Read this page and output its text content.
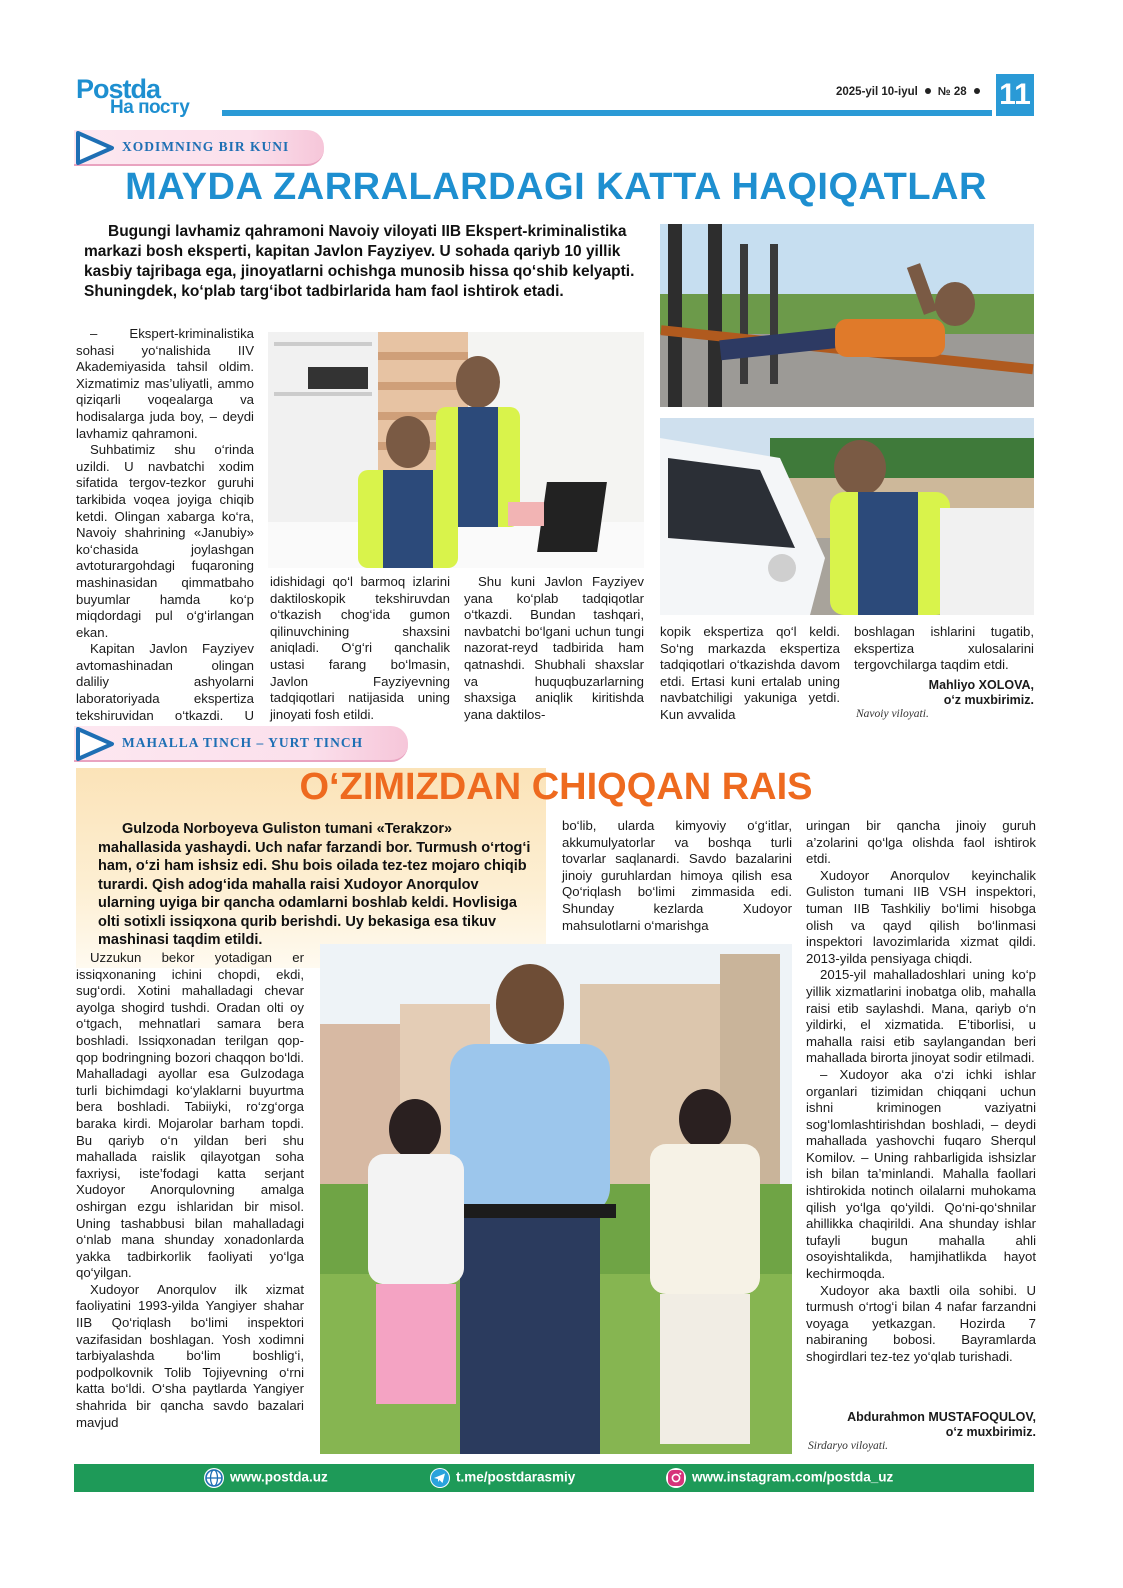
Postda
На посту
2025-yil 10-iyul № 28	11
XODIMNING BIR KUNI
MAYDA ZARRALARDAGI KATTA HAQIQATLAR

Bugungi lavhamiz qahramoni Navoiy viloyati IIB Ekspert-kriminalistika markazi bosh eksperti, kapitan Javlon Fayziyev. U sohada qariyb 10 yillik kasbiy tajribaga ega, jinoyatlarni ochishga munosib hissa qo‘shib kelyapti. Shuningdek, ko‘plab targ‘ibot tadbirlarida ham faol ishtirok etadi.

– Ekspert-kriminalistika sohasi yo‘nalishida IIV Akademiyasida tahsil oldim. Xizmatimiz mas’uliyatli, ammo qiziqarli voqealarga va hodisalarga juda boy, – deydi lavhamiz qahramoni.

Suhbatimiz shu o‘rinda uzildi. U navbatchi xodim sifatida tergov-tezkor guruhi tarkibida voqea joyiga chiqib ketdi. Olingan xabarga ko‘ra, Navoiy shahrining «Janubiy» ko‘chasida joylashgan avtoturargohdagi fuqaroning mashinasidan qimmatbaho buyumlar hamda ko‘p miqdordagi pul o‘g‘irlangan ekan.

Kapitan Javlon Fayziyev avtomashinadan olingan daliliy ashyolarni laboratoriyada ekspertiza tekshiruvidan o‘tkazdi. U

idishidagi qo‘l barmoq izlarini daktiloskopik tekshiruvdan o‘tkazish chog‘ida gumon qilinuvchining shaxsini aniqladi. O‘g‘ri qanchalik ustasi farang bo‘lmasin, Javlon Fayziyevning tadqiqotlari natijasida uning jinoyati fosh etildi.

Shu kuni Javlon Fayziyev yana ko‘plab tadqiqotlar o‘tkazdi. Bundan tashqari, navbatchi bo‘lgani uchun tungi nazorat-reyd tadbirida ham qatnashdi. Shubhali shaxslar va huquqbuzarlarning shaxsiga aniqlik kiritishda yana daktilos-

kopik ekspertiza qo‘l keldi. So‘ng markazda ekspertiza tadqiqotlari o‘tkazishda davom etdi. Ertasi kuni ertalab uning navbatchiligi yakuniga yetdi. Kun avvalida

boshlagan ishlarini tugatib, ekspertiza xulosalarini tergovchilarga taqdim etdi.

Mahliyo XOLOVA,
o‘z muxbirimiz.
Navoiy viloyati.
MAHALLA TINCH – YURT TINCH
O‘ZIMIZDAN CHIQQAN RAIS

Gulzoda Norboyeva Guliston tumani «Terakzor» mahallasida yashaydi. Uch nafar farzandi bor. Turmush o‘rtog‘i ham, o‘zi ham ishsiz edi. Shu bois oilada tez-tez mojaro chiqib turardi. Qish adog‘ida mahalla raisi Xudoyor Anorqulov ularning uyiga bir qancha odamlarni boshlab keldi. Hovlisiga olti sotixli issiqxona qurib berishdi. Uy bekasiga esa tikuv mashinasi taqdim etildi.

Uzzukun bekor yotadigan er issiqxonaning ichini chopdi, ekdi, sug‘ordi. Xotini mahalladagi chevar ayolga shogird tushdi. Oradan olti oy o‘tgach, mehnatlari samara bera boshladi. Issiqxonadan terilgan qop-qop bodringning bozori chaqqon bo‘ldi. Mahalladagi ayollar esa Gulzodaga turli bichimdagi ko‘ylaklarni buyurtma bera boshladi. Tabiiyki, ro‘zg‘orga baraka kirdi. Mojarolar barham topdi. Bu qariyb o‘n yildan beri shu mahallada raislik qilayotgan soha faxriysi, iste’fodagi katta serjant Xudoyor Anorqulovning amalga oshirgan ezgu ishlaridan bir misol. Uning tashabbusi bilan mahalladagi o‘nlab mana shunday xonadonlarda yakka tadbirkorlik faoliyati yo‘lga qo‘yilgan.

Xudoyor Anorqulov ilk xizmat faoliyatini 1993-yilda Yangiyer shahar IIB Qo‘riqlash bo‘limi inspektori vazifasidan boshlagan. Yosh xodimni tarbiyalashda bo‘lim boshlig‘i, podpolkovnik Tolib Tojiyevning o‘rni katta bo‘ldi. O‘sha paytlarda Yangiyer shahrida bir qancha savdo bazalari mavjud

bo‘lib, ularda kimyoviy o‘g‘itlar, akkumulyatorlar va boshqa turli tovarlar saqlanardi. Savdo bazalarini jinoiy guruhlardan himoya qilish esa Qo‘riqlash bo‘limi zimmasida edi. Shunday kezlarda Xudoyor mahsulotlarni o‘marishga

uringan bir qancha jinoiy guruh a’zolarini qo‘lga olishda faol ishtirok etdi.

Xudoyor Anorqulov keyinchalik Guliston tumani IIB VSH inspektori, tuman IIB Tashkiliy bo‘limi hisobga olish va qayd qilish bo‘linmasi inspektori lavozimlarida xizmat qildi. 2013-yilda pensiyaga chiqdi.

2015-yil mahalladoshlari uning ko‘p yillik xizmatlarini inobatga olib, mahalla raisi etib saylashdi. Mana, qariyb o‘n yildirki, el xizmatida. E’tiborlisi, u mahalla raisi etib saylangandan beri mahallada birorta jinoyat sodir etilmadi.

– Xudoyor aka o‘zi ichki ishlar organlari tizimidan chiqqani uchun ishni kriminogen vaziyatni sog‘lomlashtirishdan boshladi, – deydi mahallada yashovchi fuqaro Sherqul Komilov. – Uning rahbarligida ishsizlar ish bilan ta’minlandi. Mahalla faollari ishtirokida notinch oilalarni muhokama qilish yo‘lga qo‘yildi. Qo‘ni-qo‘shnilar ahillikka chaqirildi. Ana shunday ishlar tufayli bugun mahalla ahli osoyishtalikda, hamjihatlikda hayot kechirmoqda.

Xudoyor aka baxtli oila sohibi. U turmush o‘rtog‘i bilan 4 nafar farzandni voyaga yetkazgan. Hozirda 7 nabiraning bobosi. Bayramlarda shogirdlari tez-tez yo‘qlab turishadi.

Abdurahmon MUSTAFOQULOV,
o‘z muxbirimiz.
Sirdaryo viloyati.
www.postda.uz	t.me/postdarasmiy	www.instagram.com/postda_uz
